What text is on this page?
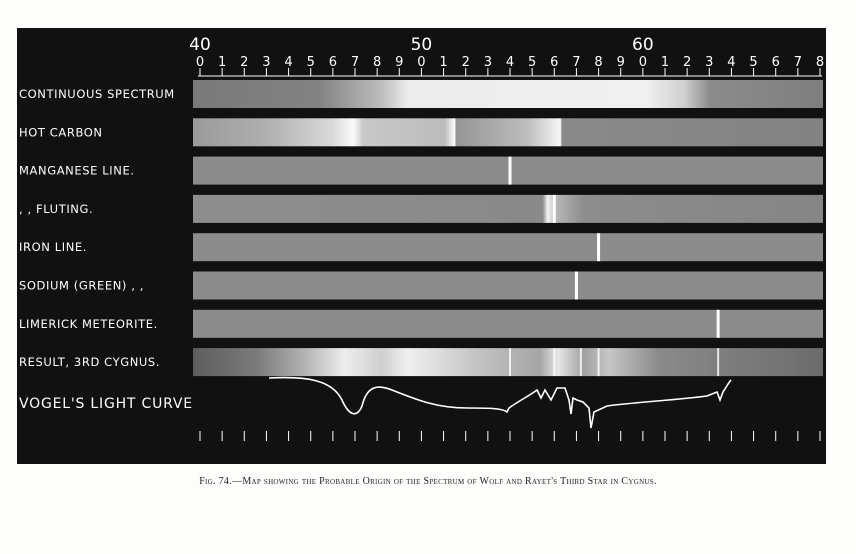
0 1 2 3 4 5 6 7 8 9 0 1 2 3 4 5 6 7 8 9 0 1 2 3 4 5 6 7 8
40	50	60
CONTINUOUS SPECTRUM
HOT CARBON
MANGANESE LINE.
, , FLUTING.
IRON LINE.
SODIUM (GREEN) , ,
LIMERICK METEORITE.
RESULT, 3RD CYGNUS.
VOGEL'S LIGHT CURVE
Fig. 74.—Map showing the Probable Origin of the Spectrum of Wolf and Rayet's Third Star in Cygnus.
